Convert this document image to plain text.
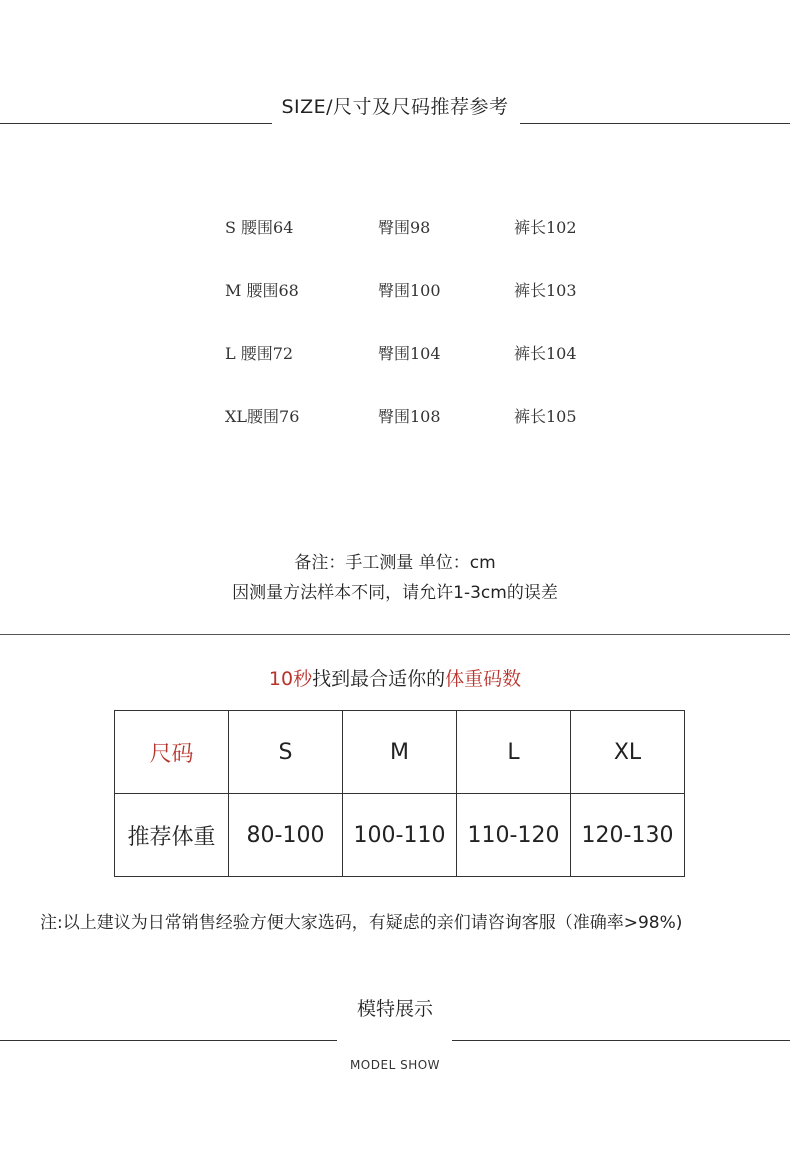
SIZE/尺寸及尺码推荐参考
S 腰围64	臀围98	裤长102
M 腰围68	臀围100	裤长103
L 腰围72	臀围104	裤长104
XL腰围76	臀围108	裤长105
备注：手工测量 单位：cm
因测量方法样本不同，请允许1-3cm的误差
10秒找到最合适你的体重码数
尺码	S	M	L	XL
推荐体重	80-100	100-110	110-120	120-130
注:以上建议为日常销售经验方便大家选码，有疑虑的亲们请咨询客服（准确率>98%)
模特展示
MODEL SHOW
